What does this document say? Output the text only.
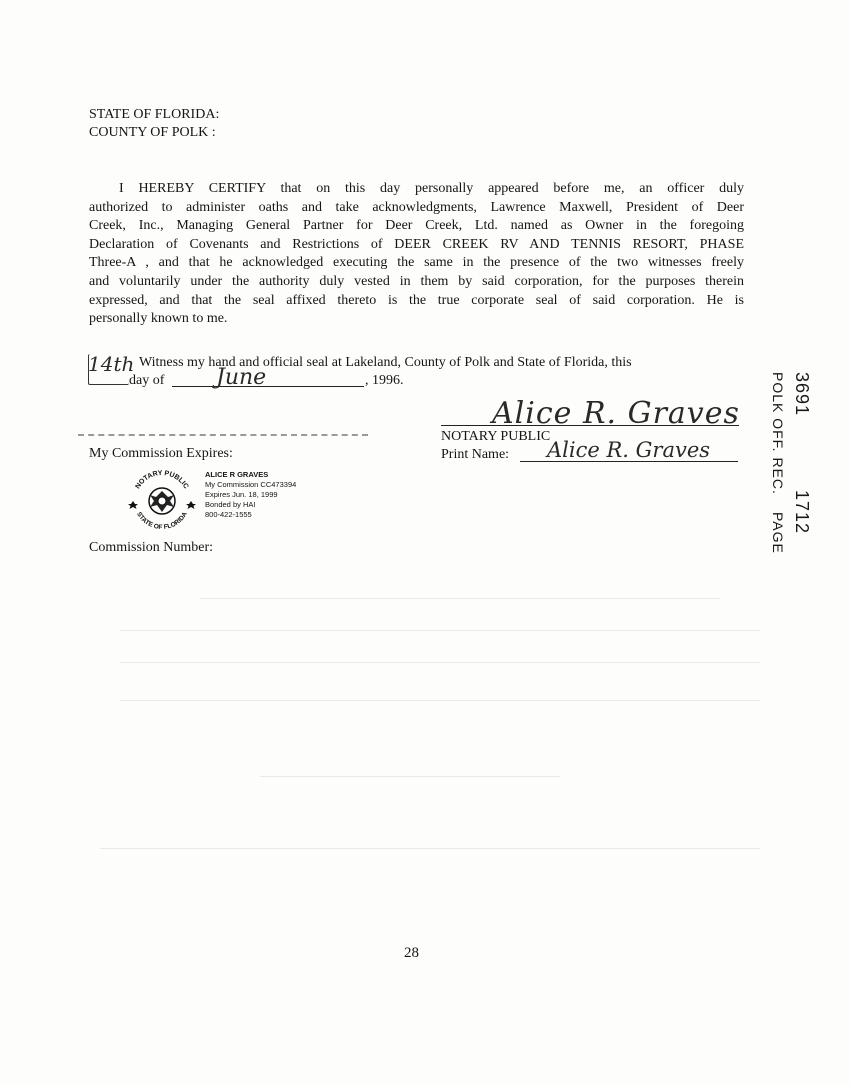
STATE OF FLORIDA:
COUNTY OF POLK :
I HEREBY CERTIFY that on this day personally appeared before me, an officer duly
authorized to administer oaths and take acknowledgments, Lawrence Maxwell, President of Deer
Creek, Inc., Managing General Partner for Deer Creek, Ltd. named as Owner in the foregoing
Declaration of Covenants and Restrictions of DEER CREEK RV AND TENNIS RESORT, PHASE
Three-A , and that he acknowledged executing the same in the presence of the two witnesses freely
and voluntarily under the authority duly vested in them by said corporation, for the purposes therein
expressed, and that the seal affixed thereto is the true corporate seal of said corporation. He is
personally known to me.
14th Witness my hand and official seal at Lakeland, County of Polk and State of Florida, this
day of June	, 1996.
Alice R. Graves
NOTARY PUBLIC
Print Name: Alice R. Graves
My Commission Expires:
NOTARY PUBLIC
STATE OF FLORIDA
ALICE R GRAVES
My Commission CC473394
Expires Jun. 18, 1999
Bonded by HAI
800-422-1555
Commission Number:
3691
POLK OFF. REC.
1712
PAGE
28
